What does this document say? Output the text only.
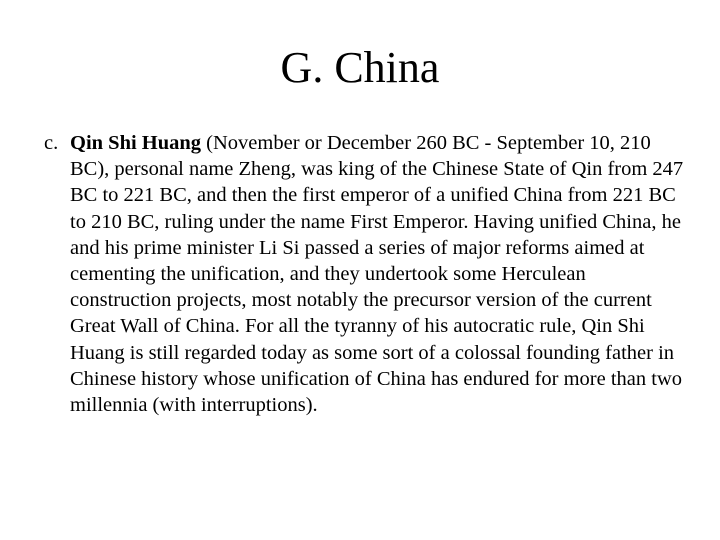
G. China

c. Qin Shi Huang (November or December 260 BC - September 10, 210 BC), personal name Zheng, was king of the Chinese State of Qin from 247 BC to 221 BC, and then the first emperor of a unified China from 221 BC to 210 BC, ruling under the name First Emperor. Having unified China, he and his prime minister Li Si passed a series of major reforms aimed at cementing the unification, and they undertook some Herculean construction projects, most notably the precursor version of the current Great Wall of China. For all the tyranny of his autocratic rule, Qin Shi Huang is still regarded today as some sort of a colossal founding father in Chinese history whose unification of China has endured for more than two millennia (with interruptions).
